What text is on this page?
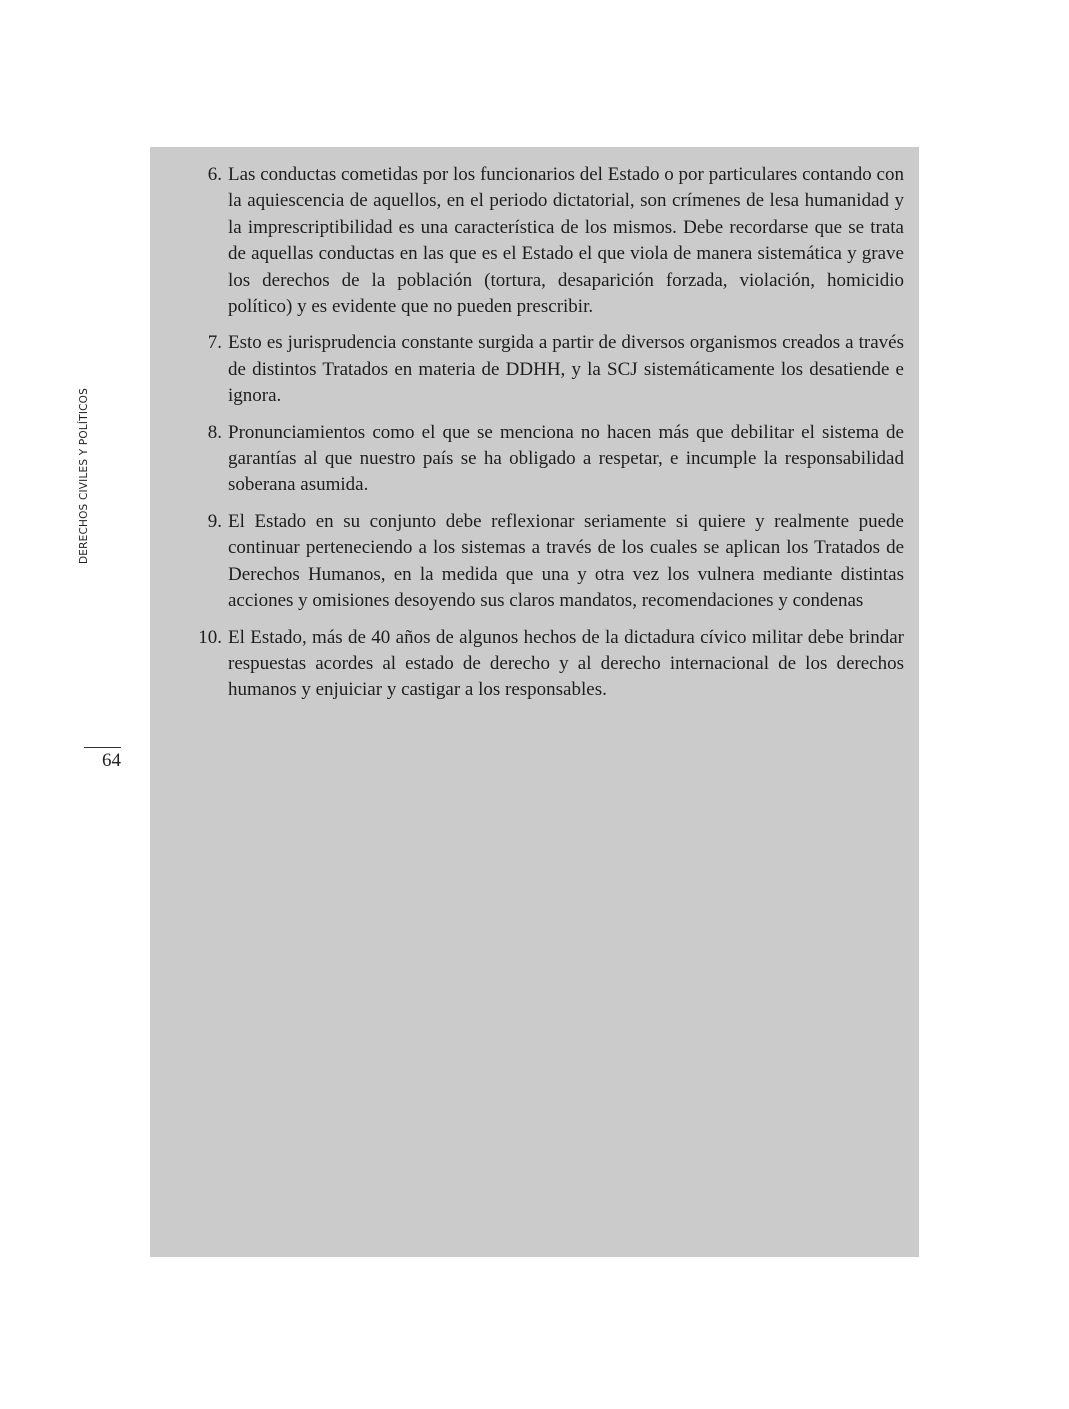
DERECHOS CIVILES Y POLÍTICOS
64
6. Las conductas cometidas por los funcionarios del Estado o por particulares contando con la aquiescencia de aquellos, en el periodo dictatorial, son crímenes de lesa humanidad y la imprescriptibilidad es una característica de los mismos. Debe recordarse que se trata de aquellas conductas en las que es el Estado el que viola de manera sistemática y grave los derechos de la población (tortura, desaparición forzada, violación, homicidio político) y es evidente que no pueden prescribir.
7. Esto es jurisprudencia constante surgida a partir de diversos organismos creados a través de distintos Tratados en materia de DDHH, y la SCJ sistemáticamente los desatiende e ignora.
8. Pronunciamientos como el que se menciona no hacen más que debilitar el sistema de garantías al que nuestro país se ha obligado a respetar, e incumple la responsabilidad soberana asumida.
9. El Estado en su conjunto debe reflexionar seriamente si quiere y realmente puede continuar perteneciendo a los sistemas a través de los cuales se aplican los Tratados de Derechos Humanos, en la medida que una y otra vez los vulnera mediante distintas acciones y omisiones desoyendo sus claros mandatos, recomendaciones y condenas
10. El Estado, más de 40 años de algunos hechos de la dictadura cívico militar debe brindar respuestas acordes al estado de derecho y al derecho internacional de los derechos humanos y enjuiciar y castigar a los responsables.
